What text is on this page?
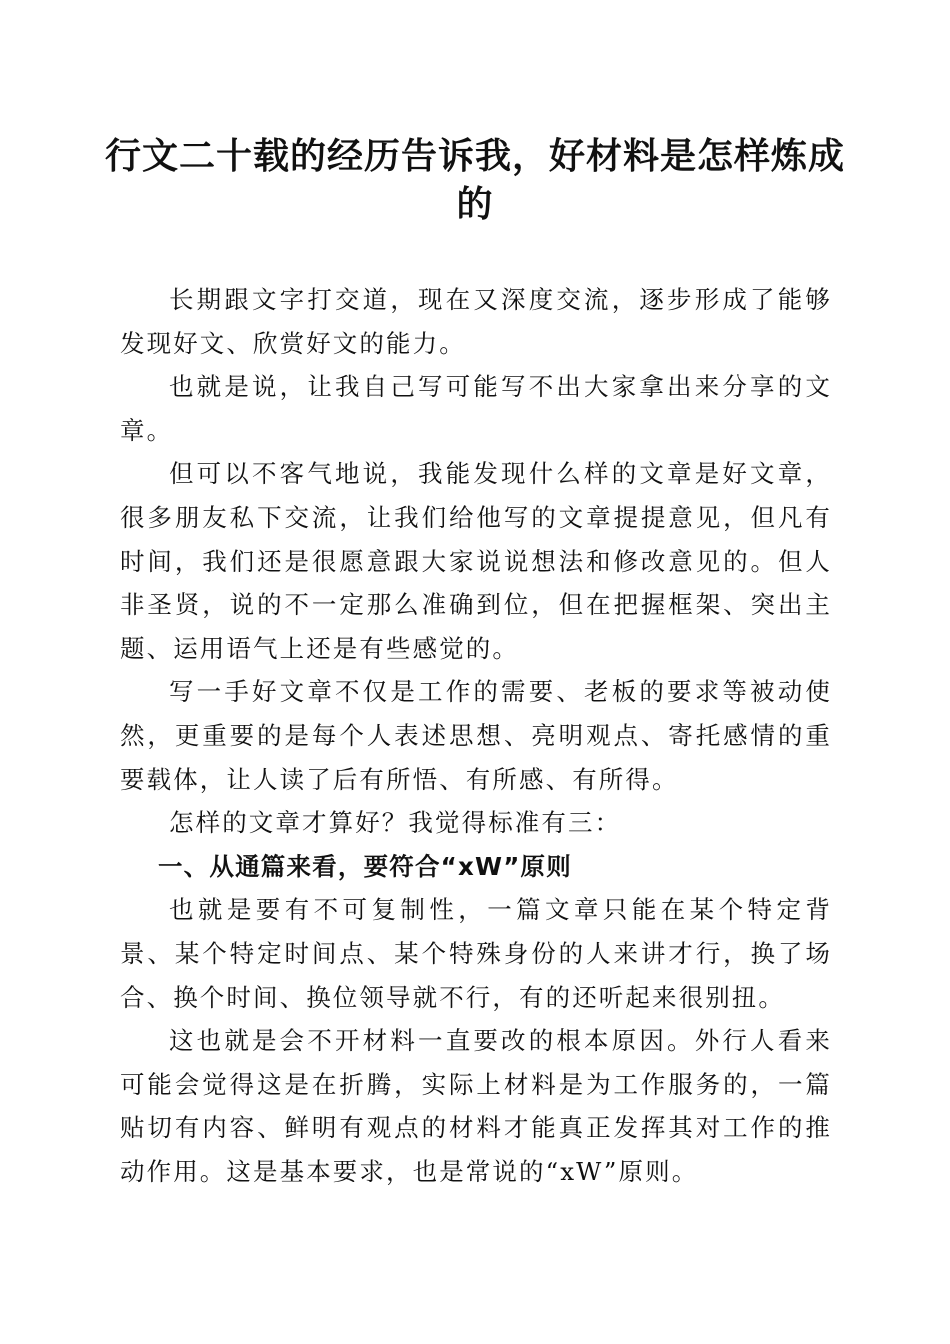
行文二十载的经历告诉我，好材料是怎样炼成的

长期跟文字打交道，现在又深度交流，逐步形成了能够发现好文、欣赏好文的能力。

也就是说，让我自己写可能写不出大家拿出来分享的文章。

但可以不客气地说，我能发现什么样的文章是好文章，很多朋友私下交流，让我们给他写的文章提提意见，但凡有时间，我们还是很愿意跟大家说说想法和修改意见的。但人非圣贤，说的不一定那么准确到位，但在把握框架、突出主题、运用语气上还是有些感觉的。

写一手好文章不仅是工作的需要、老板的要求等被动使然，更重要的是每个人表述思想、亮明观点、寄托感情的重要载体，让人读了后有所悟、有所感、有所得。

怎样的文章才算好？我觉得标准有三：

一、从通篇来看，要符合“xW”原则

也就是要有不可复制性，一篇文章只能在某个特定背景、某个特定时间点、某个特殊身份的人来讲才行，换了场合、换个时间、换位领导就不行，有的还听起来很别扭。

这也就是会不开材料一直要改的根本原因。外行人看来可能会觉得这是在折腾，实际上材料是为工作服务的，一篇贴切有内容、鲜明有观点的材料才能真正发挥其对工作的推动作用。这是基本要求，也是常说的“xW”原则。
